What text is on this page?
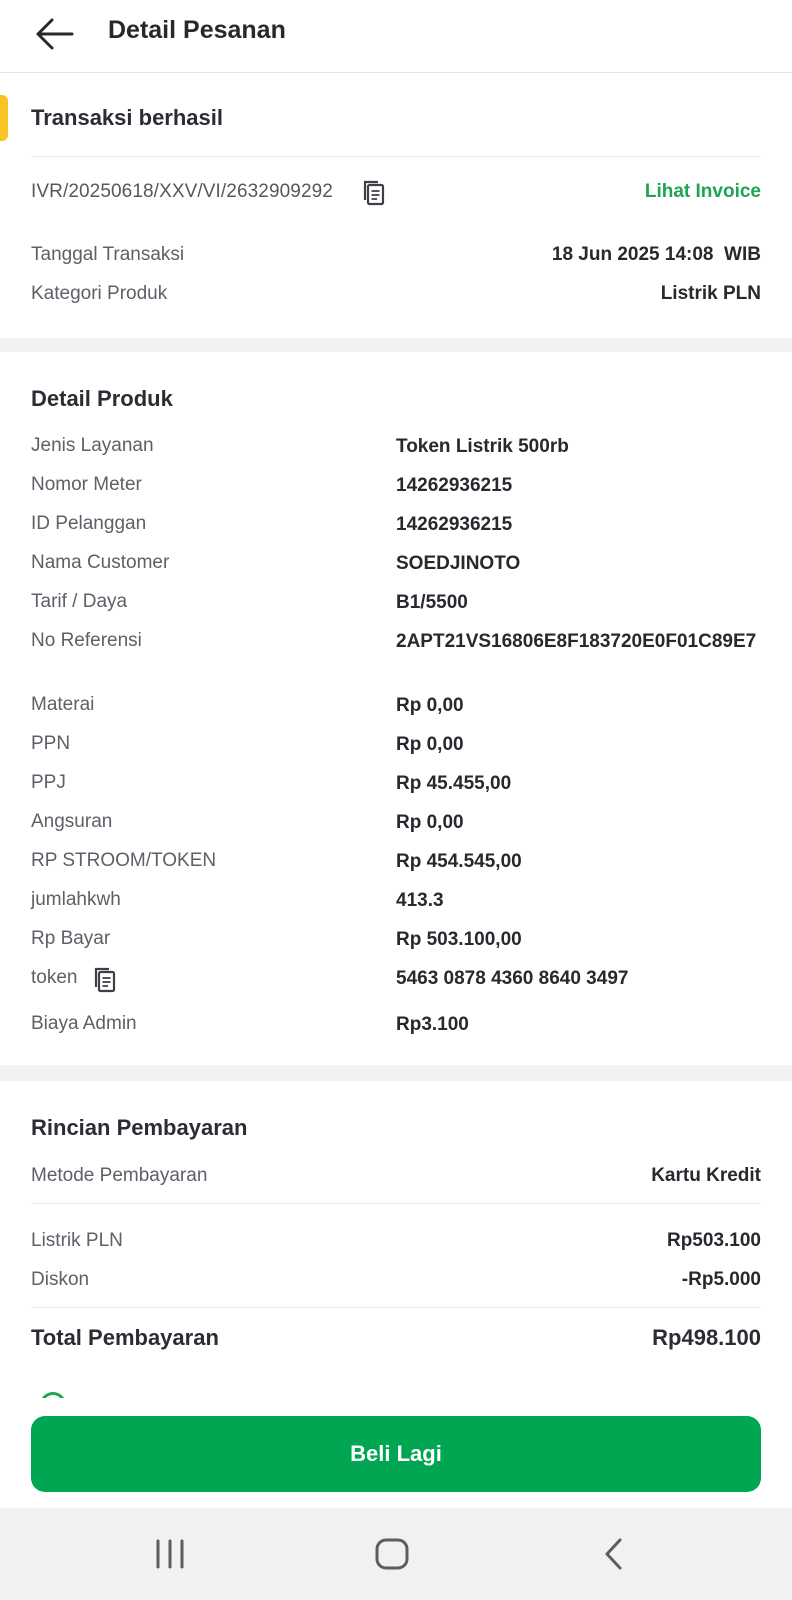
Detail Pesanan
Transaksi berhasil
IVR/20250618/XXV/VI/2632909292	Lihat Invoice
Tanggal Transaksi	18 Jun 2025 14:08  WIB
Kategori Produk	Listrik PLN
Detail Produk
Jenis Layanan	Token Listrik 500rb
Nomor Meter	14262936215
ID Pelanggan	14262936215
Nama Customer	SOEDJINOTO
Tarif / Daya	B1/5500
No Referensi	2APT21VS16806E8F183720E0F01C89E7
Materai	Rp 0,00
PPN	Rp 0,00
PPJ	Rp 45.455,00
Angsuran	Rp 0,00
RP STROOM/TOKEN	Rp 454.545,00
jumlahkwh	413.3
Rp Bayar	Rp 503.100,00
token	5463 0878 4360 8640 3497
Biaya Admin	Rp3.100
Rincian Pembayaran
Metode Pembayaran	Kartu Kredit
Listrik PLN	Rp503.100
Diskon	-Rp5.000
Total Pembayaran	Rp498.100
Beli Lagi
